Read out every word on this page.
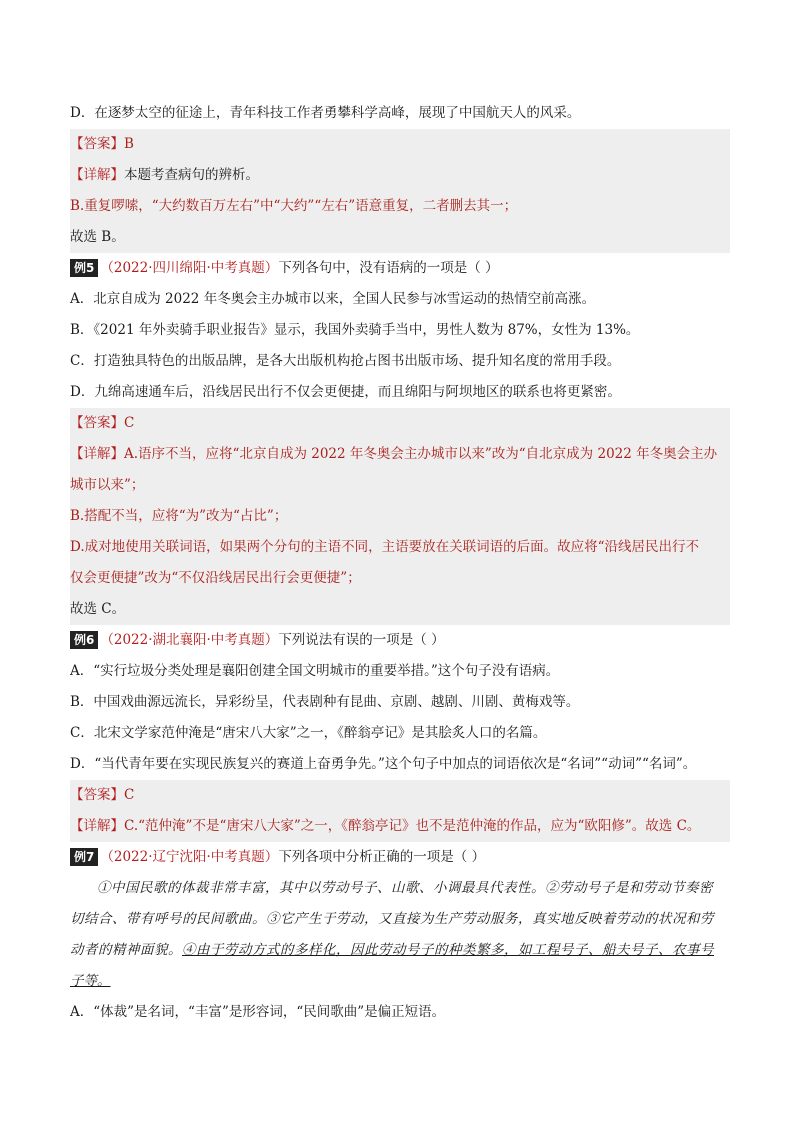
D．在逐梦太空的征途上，青年科技工作者勇攀科学高峰，展现了中国航天人的风采。
【答案】B
【详解】本题考查病句的辨析。
B.重复啰嗦，“大约数百万左右”中“大约”“左右”语意重复，二者删去其一；
故选 B。
例5 （2022·四川绵阳·中考真题）下列各句中，没有语病的一项是（ ）
A．北京自成为 2022 年冬奥会主办城市以来，全国人民参与冰雪运动的热情空前高涨。
B．《2021 年外卖骑手职业报告》显示，我国外卖骑手当中，男性人数为 87%，女性为 13%。
C．打造独具特色的出版品牌，是各大出版机构抢占图书出版市场、提升知名度的常用手段。
D．九绵高速通车后，沿线居民出行不仅会更便捷，而且绵阳与阿坝地区的联系也将更紧密。
【答案】C
【详解】A.语序不当，应将“北京自成为 2022 年冬奥会主办城市以来”改为“自北京成为 2022 年冬奥会主办
城市以来”；
B.搭配不当，应将“为”改为“占比”；
D.成对地使用关联词语，如果两个分句的主语不同，主语要放在关联词语的后面。故应将“沿线居民出行不
仅会更便捷”改为“不仅沿线居民出行会更便捷”；
故选 C。
例6 （2022·湖北襄阳·中考真题）下列说法有误的一项是（ ）
A．“实行垃圾分类处理是襄阳创建全国文明城市的重要举措。”这个句子没有语病。
B．中国戏曲源远流长，异彩纷呈，代表剧种有昆曲、京剧、越剧、川剧、黄梅戏等。
C．北宋文学家范仲淹是“唐宋八大家”之一，《醉翁亭记》是其脍炙人口的名篇。
D．“当代青年要在实现民族复兴的赛道上奋勇争先。”这个句子中加点的词语依次是“名词”“动词”“名词”。
【答案】C
【详解】C.“范仲淹”不是“唐宋八大家”之一，《醉翁亭记》也不是范仲淹的作品，应为“欧阳修”。故选 C。
例7 （2022·辽宁沈阳·中考真题）下列各项中分析正确的一项是（ ）
①中国民歌的体裁非常丰富，其中以劳动号子、山歌、小调最具代表性。②劳动号子是和劳动节奏密
切结合、带有呼号的民间歌曲。③它产生于劳动，又直接为生产劳动服务，真实地反映着劳动的状况和劳
动者的精神面貌。④由于劳动方式的多样化，因此劳动号子的种类繁多，如工程号子、船夫号子、农事号
子等。
A．“体裁”是名词，“丰富”是形容词，“民间歌曲”是偏正短语。
